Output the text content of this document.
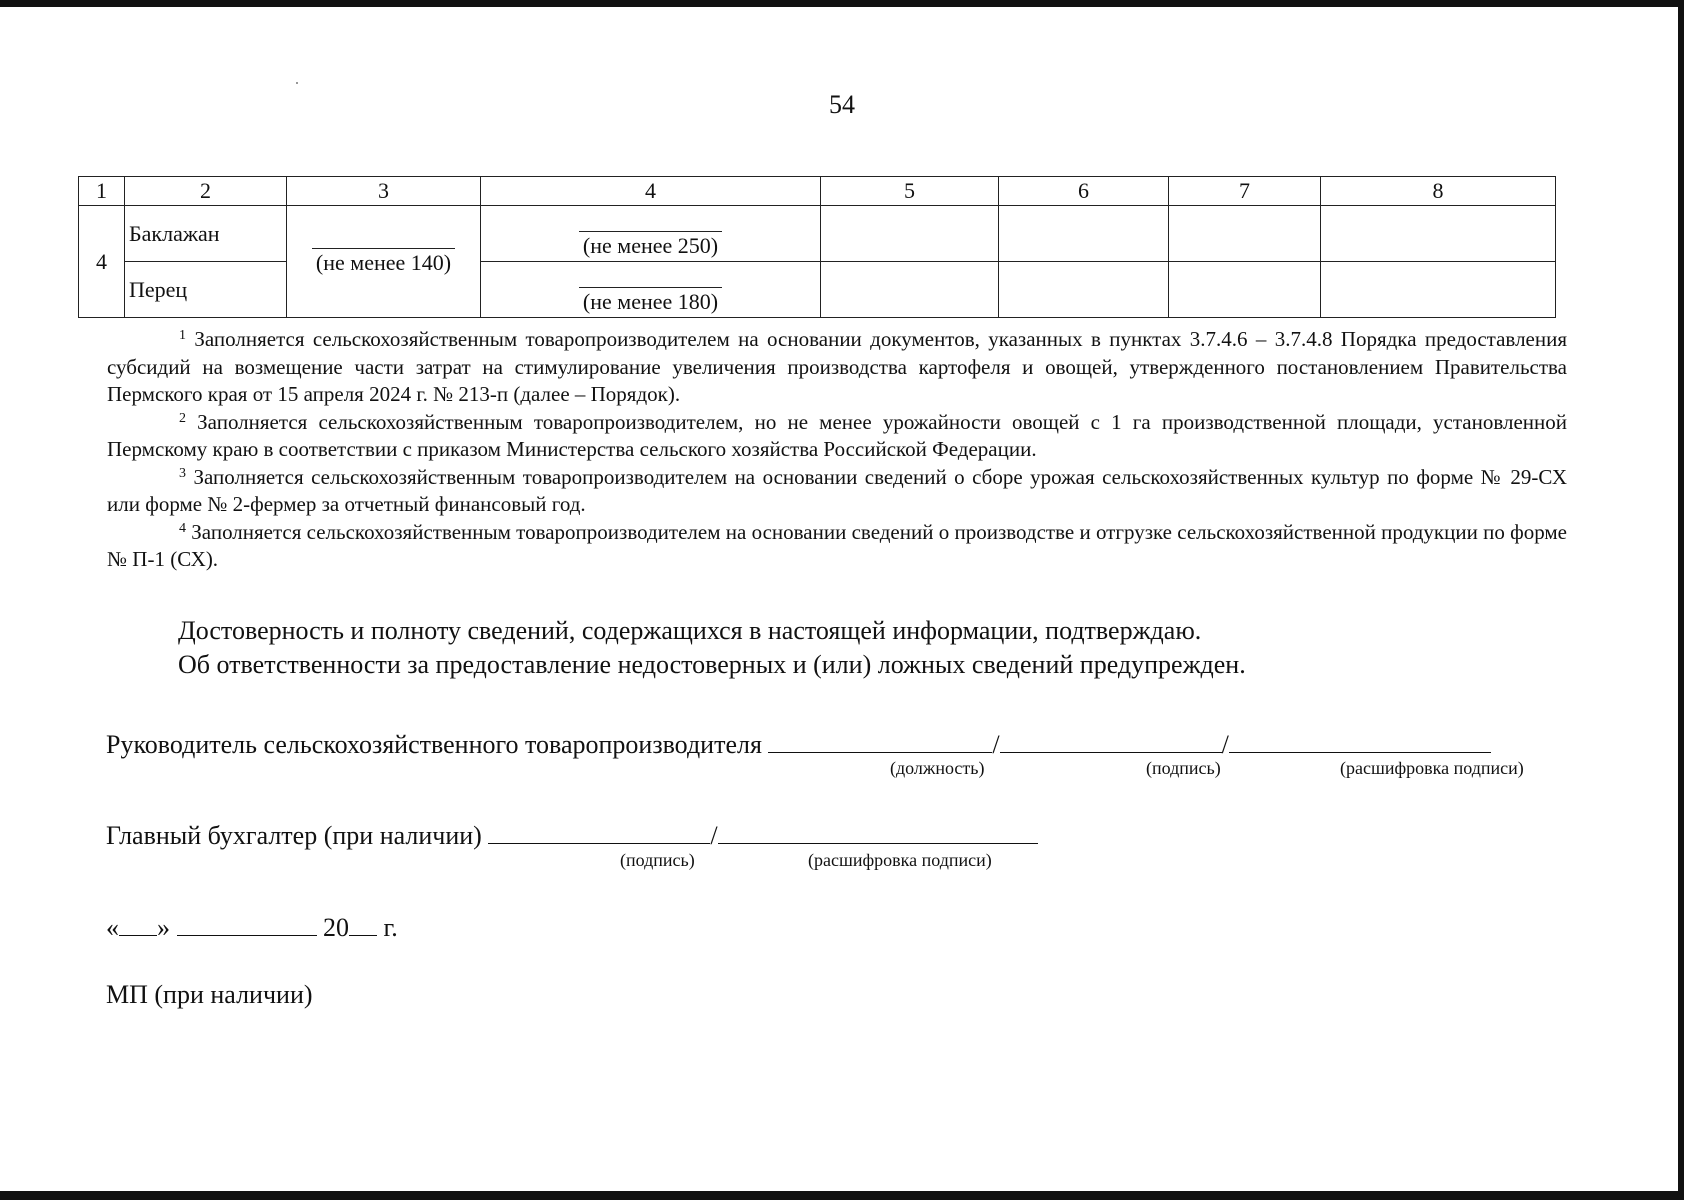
54
1	2	3	4	5	6	7	8
4	Баклажан	(не менее 140)	(не менее 250)				
	Перец		(не менее 180)				

$^1$ Заполняется сельскохозяйственным товаропроизводителем на основании документов, указанных в пунктах 3.7.4.6 – 3.7.4.8 Порядка предоставления субсидий на возмещение части затрат на стимулирование увеличения производства картофеля и овощей, утвержденного постановлением Правительства Пермского края от 15 апреля 2024 г. № 213-п (далее – Порядок).

$^2$ Заполняется сельскохозяйственным товаропроизводителем, но не менее урожайности овощей с 1 га производственной площади, установленной Пермскому краю в соответствии с приказом Министерства сельского хозяйства Российской Федерации.

$^3$ Заполняется сельскохозяйственным товаропроизводителем на основании сведений о сборе урожая сельскохозяйственных культур по форме № 29-СХ или форме № 2-фермер за отчетный финансовый год.

$^4$ Заполняется сельскохозяйственным товаропроизводителем на основании сведений о производстве и отгрузке сельскохозяйственной продукции по форме № П-1 (СХ).

Достоверность и полноту сведений, содержащихся в настоящей информации, подтверждаю.

Об ответственности за предоставление недостоверных и (или) ложных сведений предупрежден.

Руководитель сельскохозяйственного товаропроизводителя	/	/
(должность)	(подпись)	(расшифровка подписи)
Главный бухгалтер (при наличии)	/
(подпись)	(расшифровка подписи)
« »	20 г.
МП (при наличии)
